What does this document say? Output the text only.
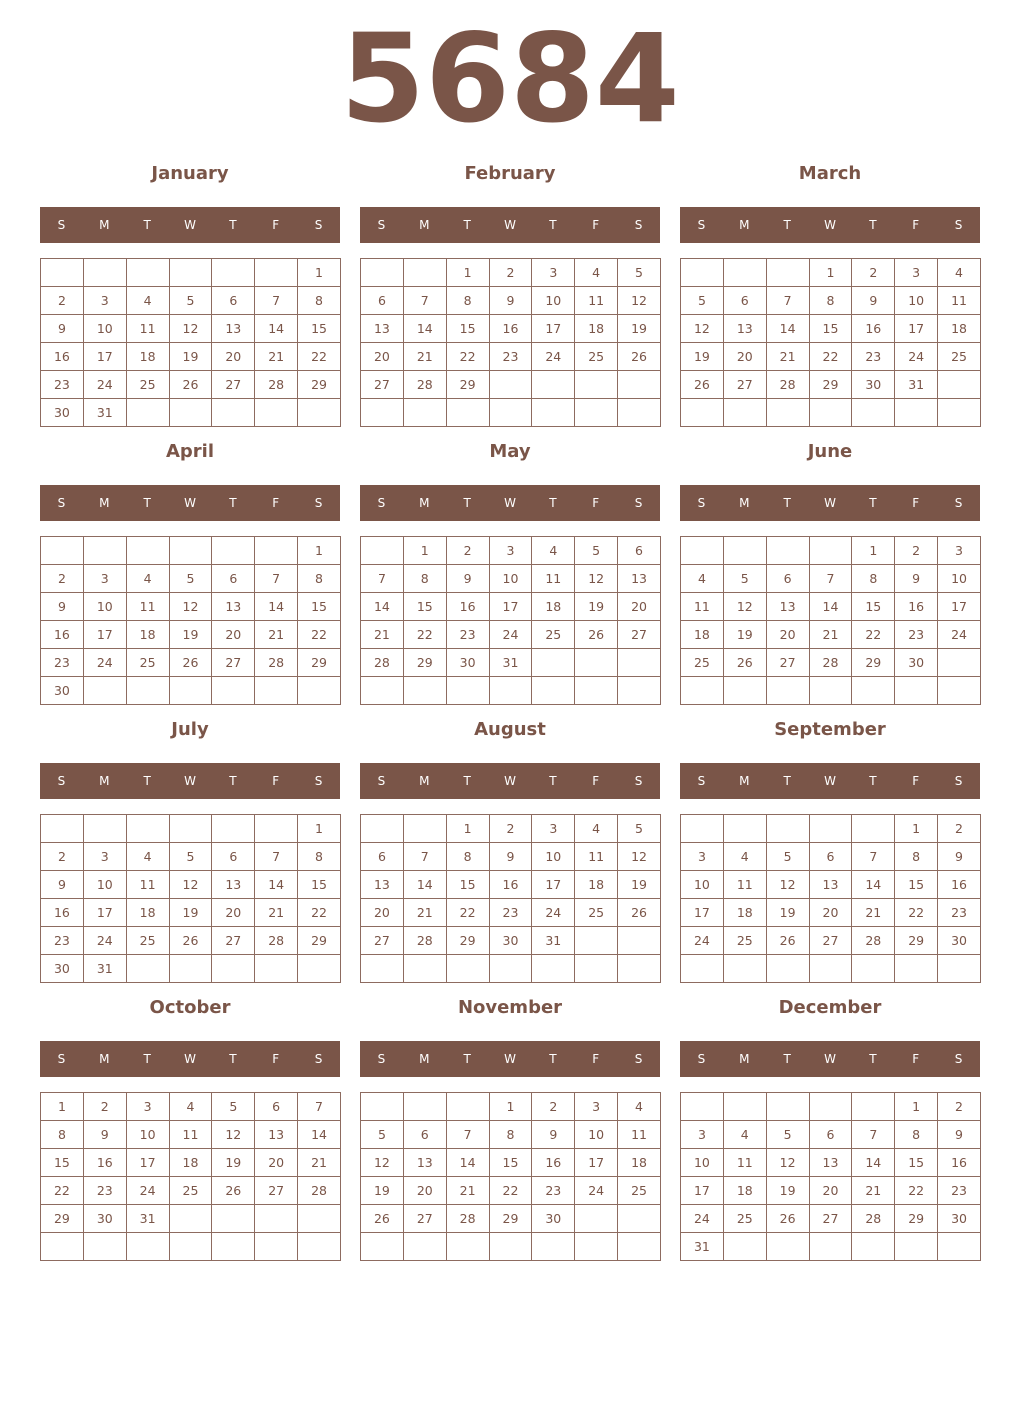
5684
January
S	M	T	W	T	F	S
						1
2	3	4	5	6	7	8
9	10	11	12	13	14	15
16	17	18	19	20	21	22
23	24	25	26	27	28	29
30	31					
February
S	M	T	W	T	F	S
		1	2	3	4	5
6	7	8	9	10	11	12
13	14	15	16	17	18	19
20	21	22	23	24	25	26
27	28	29				

March
S	M	T	W	T	F	S
			1	2	3	4
5	6	7	8	9	10	11
12	13	14	15	16	17	18
19	20	21	22	23	24	25
26	27	28	29	30	31	

April
S	M	T	W	T	F	S
						1
2	3	4	5	6	7	8
9	10	11	12	13	14	15
16	17	18	19	20	21	22
23	24	25	26	27	28	29
30						
May
S	M	T	W	T	F	S
	1	2	3	4	5	6
7	8	9	10	11	12	13
14	15	16	17	18	19	20
21	22	23	24	25	26	27
28	29	30	31			

June
S	M	T	W	T	F	S
				1	2	3
4	5	6	7	8	9	10
11	12	13	14	15	16	17
18	19	20	21	22	23	24
25	26	27	28	29	30	

July
S	M	T	W	T	F	S
						1
2	3	4	5	6	7	8
9	10	11	12	13	14	15
16	17	18	19	20	21	22
23	24	25	26	27	28	29
30	31					
August
S	M	T	W	T	F	S
		1	2	3	4	5
6	7	8	9	10	11	12
13	14	15	16	17	18	19
20	21	22	23	24	25	26
27	28	29	30	31		

September
S	M	T	W	T	F	S
					1	2
3	4	5	6	7	8	9
10	11	12	13	14	15	16
17	18	19	20	21	22	23
24	25	26	27	28	29	30

October
S	M	T	W	T	F	S
1	2	3	4	5	6	7
8	9	10	11	12	13	14
15	16	17	18	19	20	21
22	23	24	25	26	27	28
29	30	31				

November
S	M	T	W	T	F	S
			1	2	3	4
5	6	7	8	9	10	11
12	13	14	15	16	17	18
19	20	21	22	23	24	25
26	27	28	29	30		

December
S	M	T	W	T	F	S
					1	2
3	4	5	6	7	8	9
10	11	12	13	14	15	16
17	18	19	20	21	22	23
24	25	26	27	28	29	30
31						
